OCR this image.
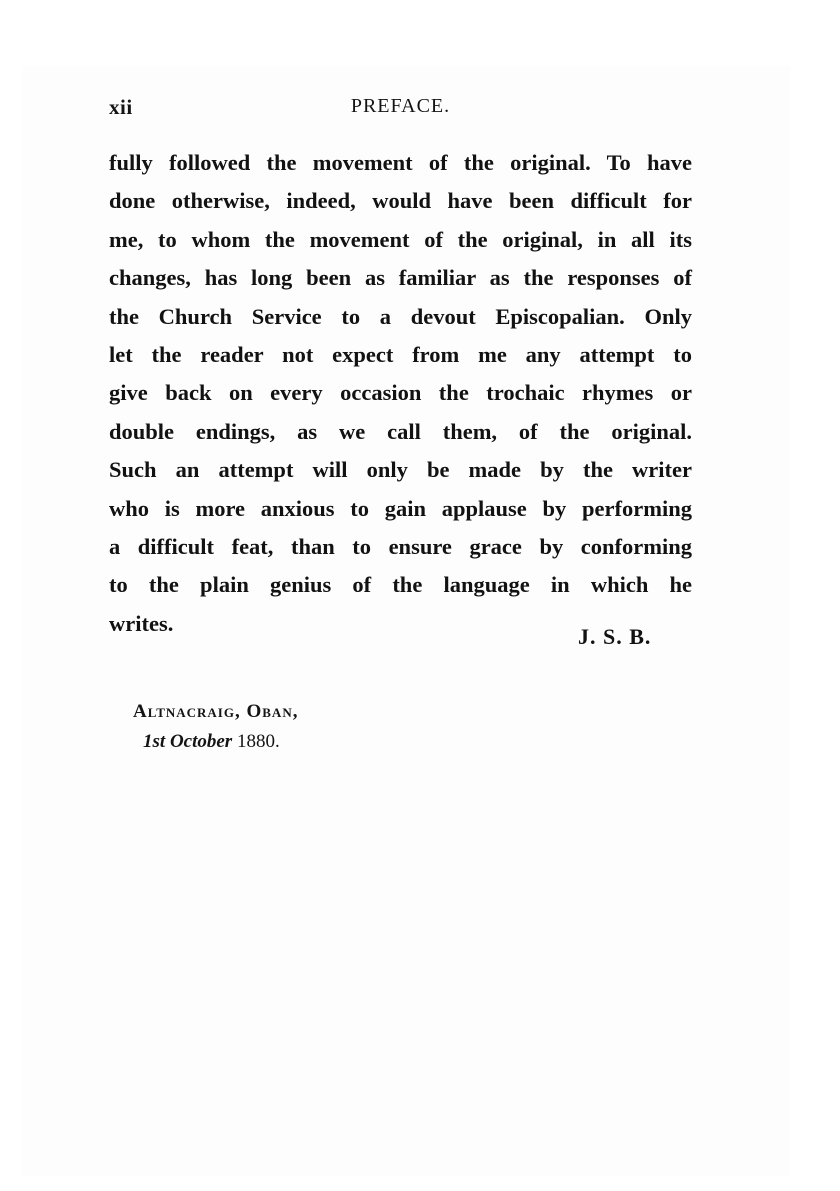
xii	PREFACE.
fully followed the movement of the original. To have
done otherwise, indeed, would have been difficult for
me, to whom the movement of the original, in all its
changes, has long been as familiar as the responses of
the Church Service to a devout Episcopalian. Only
let the reader not expect from me any attempt to
give back on every occasion the trochaic rhymes or
double endings, as we call them, of the original.
Such an attempt will only be made by the writer
who is more anxious to gain applause by performing
a difficult feat, than to ensure grace by conforming
to the plain genius of the language in which he
writes.
J. S. B.
Altnacraig, Oban,
1st October 1880.
